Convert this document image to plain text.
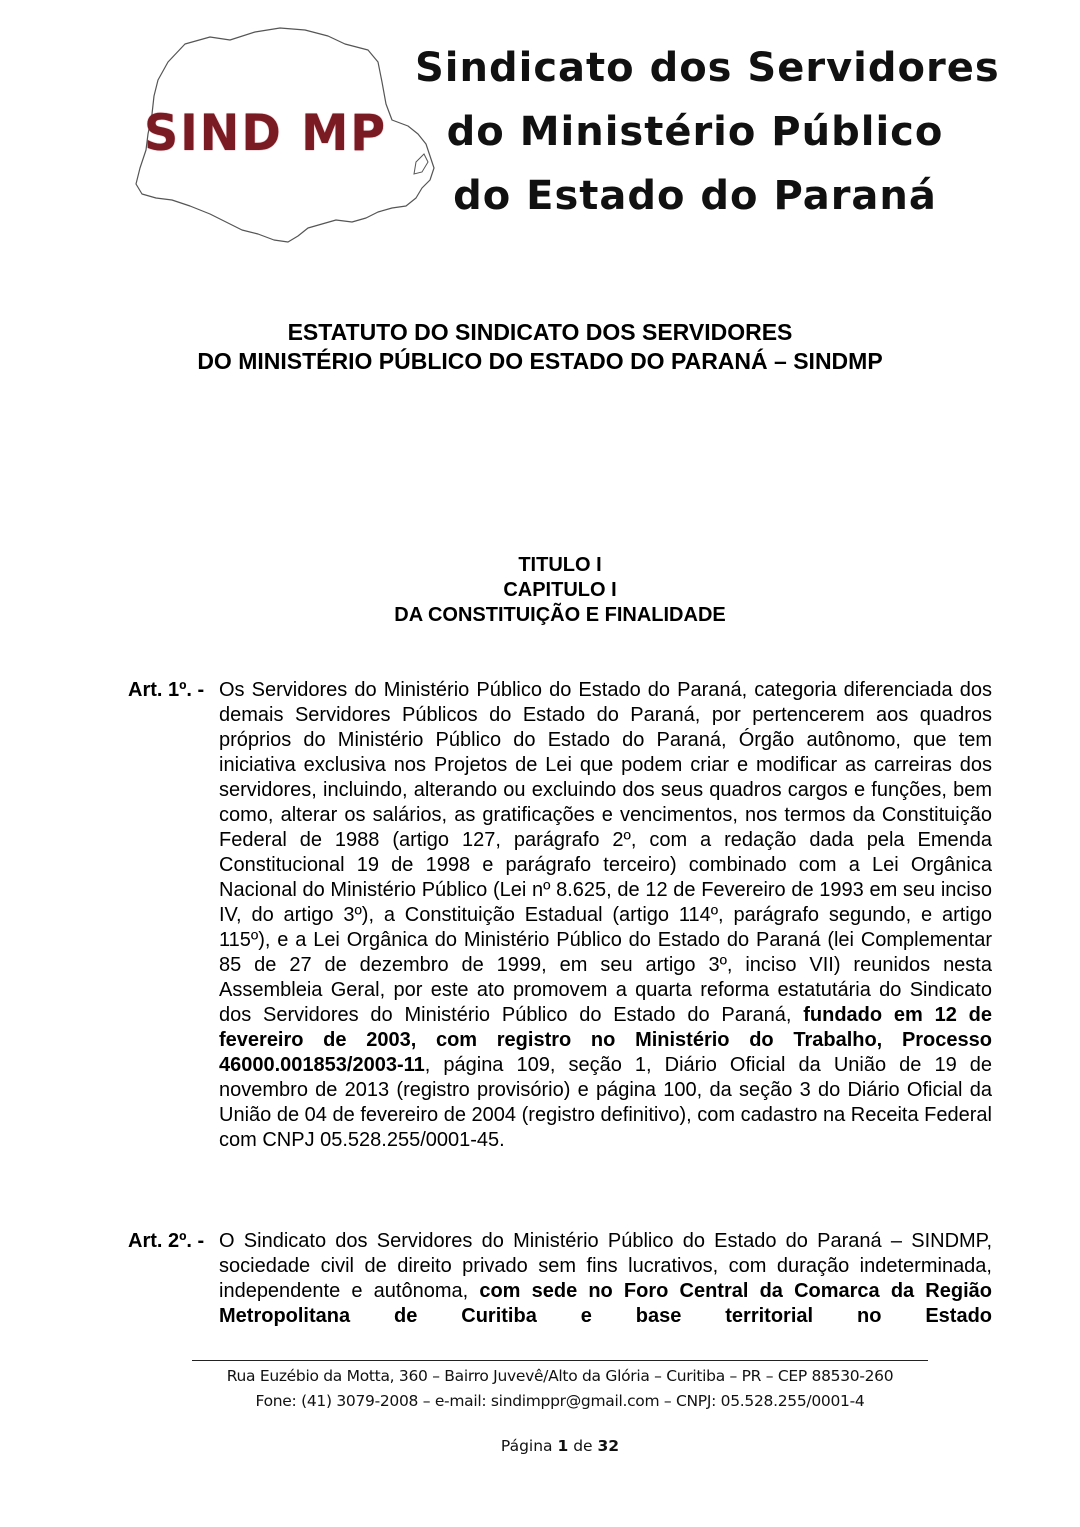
SIND MP
Sindicato dos Servidores
do Ministério Público
do Estado do Paraná
ESTATUTO DO SINDICATO DOS SERVIDORES
DO MINISTÉRIO PÚBLICO DO ESTADO DO PARANÁ – SINDMP
TITULO I
CAPITULO I
DA CONSTITUIÇÃO E FINALIDADE
Art. 1º. - Os Servidores do Ministério Público do Estado do Paraná, categoria diferenciada dos demais Servidores Públicos do Estado do Paraná, por pertencerem aos quadros próprios do Ministério Público do Estado do Paraná, Órgão autônomo, que tem iniciativa exclusiva nos Projetos de Lei que podem criar e modificar as carreiras dos servidores, incluindo, alterando ou excluindo dos seus quadros cargos e funções, bem como, alterar os salários, as gratificações e vencimentos, nos termos da Constituição Federal de 1988 (artigo 127, parágrafo 2º, com a redação dada pela Emenda Constitucional 19 de 1998 e parágrafo terceiro) combinado com a Lei Orgânica Nacional do Ministério Público (Lei nº 8.625, de 12 de Fevereiro de 1993 em seu inciso IV, do artigo 3º), a Constituição Estadual (artigo 114º, parágrafo segundo, e artigo 115º), e a Lei Orgânica do Ministério Público do Estado do Paraná (lei Complementar 85 de 27 de dezembro de 1999, em seu artigo 3º, inciso VII) reunidos nesta Assembleia Geral, por este ato promovem a quarta reforma estatutária do Sindicato dos Servidores do Ministério Público do Estado do Paraná, fundado em 12 de fevereiro de 2003, com registro no Ministério do Trabalho, Processo 46000.001853/2003-11, página 109, seção 1, Diário Oficial da União de 19 de novembro de 2013 (registro provisório) e página 100, da seção 3 do Diário Oficial da União de 04 de fevereiro de 2004 (registro definitivo), com cadastro na Receita Federal com CNPJ 05.528.255/0001-45.
Art. 2º. - O Sindicato dos Servidores do Ministério Público do Estado do Paraná – SINDMP, sociedade civil de direito privado sem fins lucrativos, com duração indeterminada, independente e autônoma, com sede no Foro Central da Comarca da Região Metropolitana de Curitiba e base territorial no Estado
Rua Euzébio da Motta, 360 – Bairro Juvevê/Alto da Glória – Curitiba – PR – CEP 88530-260
Fone: (41) 3079-2008 – e-mail: sindimppr@gmail.com – CNPJ: 05.528.255/0001-4
Página 1 de 32
